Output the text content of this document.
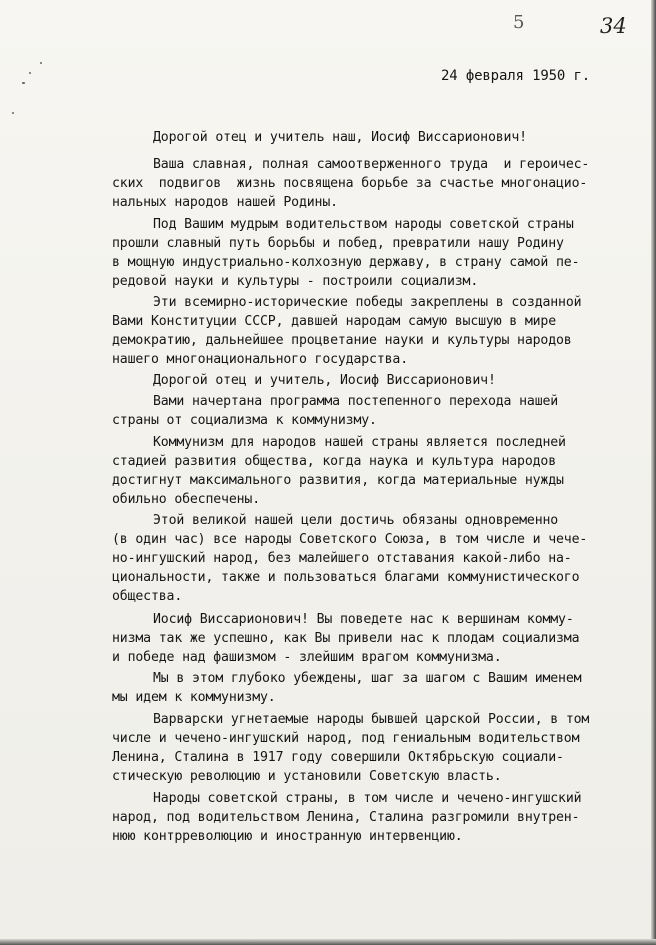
5	34

24 февраля 1950 г.

Дорогой отец и учитель наш, Иосиф Виссарионович!

Ваша славная, полная самоотверженного труда  и герoичес-

ских  подвигов  жизнь посвящена борьбе за счастье многонацио-

нальных народов нашей Родины.

Под Вашим мудрым водительством народы советской страны

прошли славный путь борьбы и побед, превратили нашу Родину

в мощную индустриально-колхозную державу, в страну самой пе-

редовой науки и культуры - построили социализм.

Эти всемирно-исторические победы закреплены в созданной

Вами Конституции СССР, давшей народам самую высшую в мире

демократию, дальнейшее процветание науки и культуры народов

нашего многонационального государства.

Дорогой отец и учитель, Иосиф Виссарионович!

Вами начертана программа постепенного перехода нашей

страны от социализма к коммунизму.

Коммунизм для народов нашей страны является последней

стадией развития общества, когда наука и культура народов

достигнут максимального развития, когда материальные нужды

обильно обеспечены.

Этой великой нашей цели достичь обязаны одновременно

(в один час) все народы Советского Союза, в том числе и чече-

но-ингушский народ, без малейшего отставания какой-либо на-

циональности, также и пользоваться благами коммунистического

общества.

Иосиф Виссарионович! Вы поведете нас к вершинам комму-

низма так же успешно, как Вы привели нас к плодам социализма

и победе над фашизмом - злейшим врагом коммунизма.

Мы в этом глубоко убеждены, шаг за шагом с Вашим именем

мы идем к коммунизму.

Варварски угнетаемые народы бывшей царской России, в том

числе и чечено-ингушский народ, под гениальным водительством

Ленина, Сталина в 1917 году совершили Октябрьскую социали-

стическую революцию и установили Советскую власть.

Народы советской страны, в том числе и чечено-ингушский

народ, под водительством Ленина, Сталина разгромили внутрен-

нюю контрреволюцию и иностранную интервенцию.
